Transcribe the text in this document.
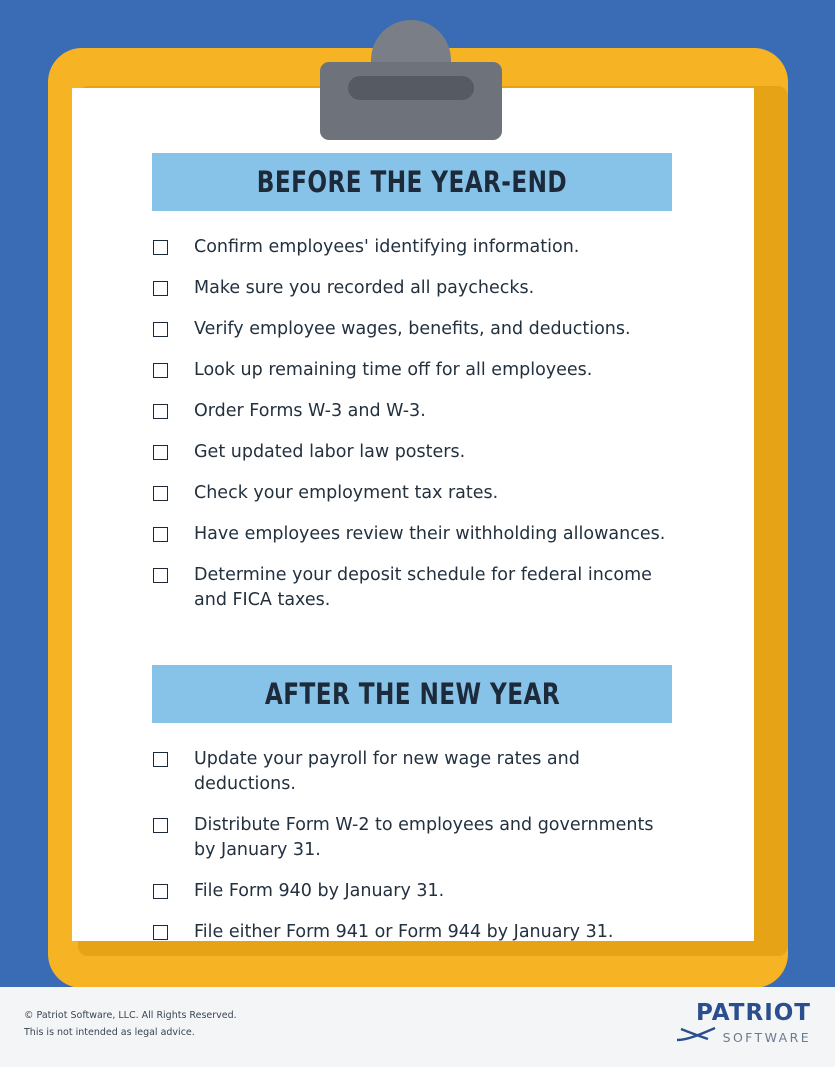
BEFORE THE YEAR-END
Confirm employees' identifying information.
Make sure you recorded all paychecks.
Verify employee wages, benefits, and deductions.
Look up remaining time off for all employees.
Order Forms W-3 and W-3.
Get updated labor law posters.
Check your employment tax rates.
Have employees review their withholding allowances.
Determine your deposit schedule for federal income and FICA taxes.
AFTER THE NEW YEAR
Update your payroll for new wage rates and deductions.
Distribute Form W-2 to employees and governments by January 31.
File Form 940 by January 31.
File either Form 941 or Form 944 by January 31.
© Patriot Software, LLC. All Rights Reserved.
This is not intended as legal advice.
PATRIOT
SOFTWARE
